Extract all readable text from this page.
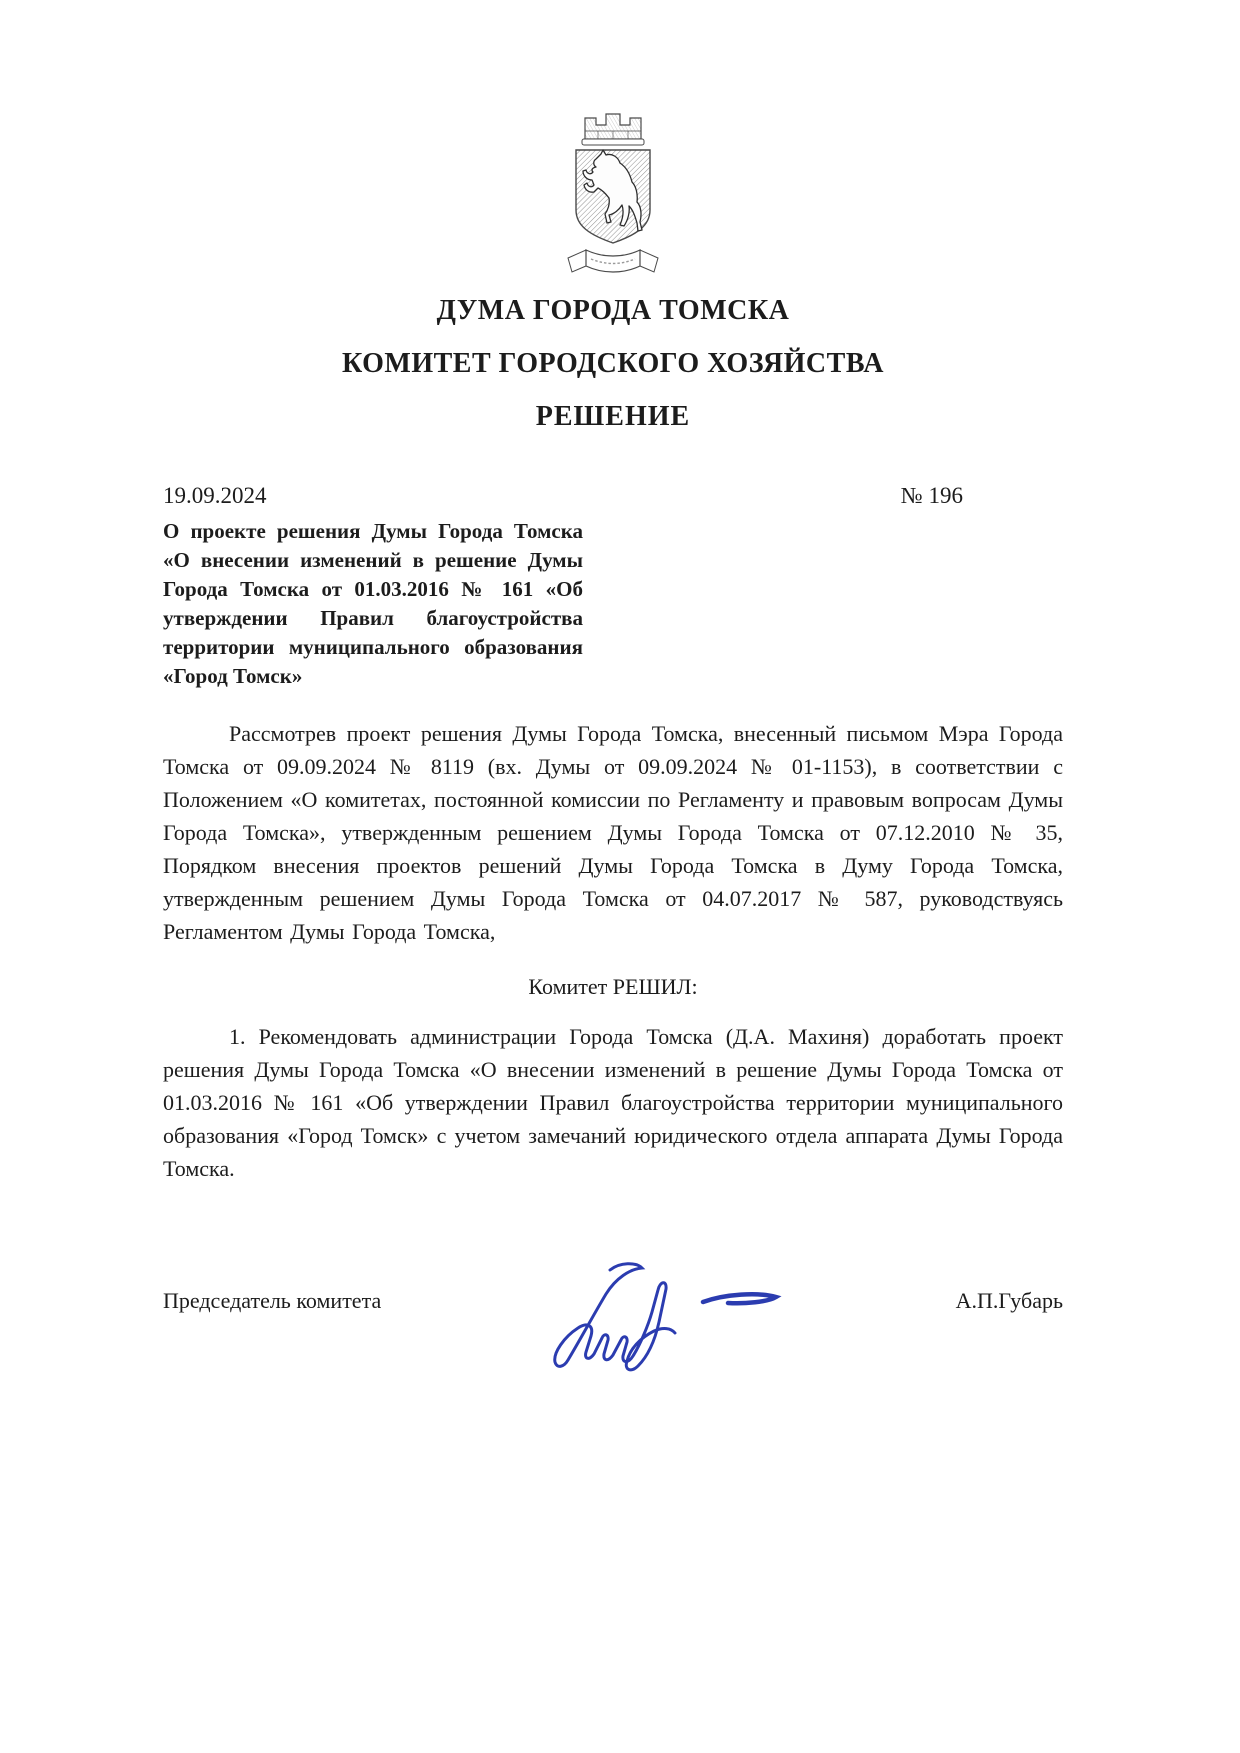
ДУМА ГОРОДА ТОМСКА
КОМИТЕТ ГОРОДСКОГО ХОЗЯЙСТВА
РЕШЕНИЕ
19.09.2024	№ 196
О проекте решения Думы Города Томска «О внесении изменений в решение Думы Города Томска от 01.03.2016 № 161 «Об утверждении Правил благоустройства территории муниципального образования «Город Томск»
Рассмотрев проект решения Думы Города Томска, внесенный письмом Мэра Города Томска от 09.09.2024 № 8119 (вх. Думы от 09.09.2024 № 01-1153), в соответствии с Положением «О комитетах, постоянной комиссии по Регламенту и правовым вопросам Думы Города Томска», утвержденным решением Думы Города Томска от 07.12.2010 № 35, Порядком внесения проектов решений Думы Города Томска в Думу Города Томска, утвержденным решением Думы Города Томска от 04.07.2017 № 587, руководствуясь Регламентом Думы Города Томска,
Комитет РЕШИЛ:
1. Рекомендовать администрации Города Томска (Д.А. Махиня) доработать проект решения Думы Города Томска «О внесении изменений в решение Думы Города Томска от 01.03.2016 № 161 «Об утверждении Правил благоустройства территории муниципального образования «Город Томск» с учетом замечаний юридического отдела аппарата Думы Города Томска.
Председатель комитета	А.П.Губарь
